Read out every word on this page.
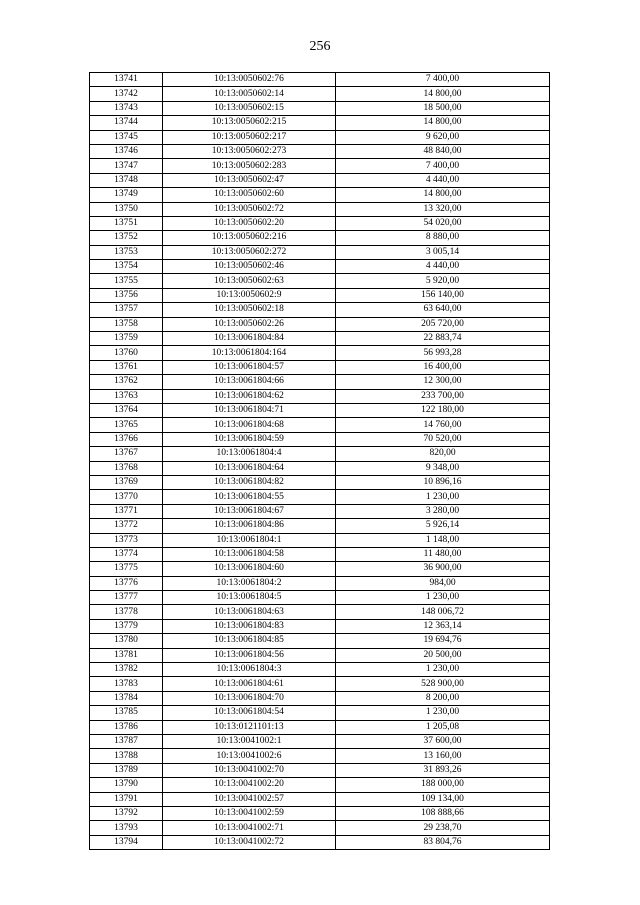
256
13741	10:13:0050602:76	7 400,00
13742	10:13:0050602:14	14 800,00
13743	10:13:0050602:15	18 500,00
13744	10:13:0050602:215	14 800,00
13745	10:13:0050602:217	9 620,00
13746	10:13:0050602:273	48 840,00
13747	10:13:0050602:283	7 400,00
13748	10:13:0050602:47	4 440,00
13749	10:13:0050602:60	14 800,00
13750	10:13:0050602:72	13 320,00
13751	10:13:0050602:20	54 020,00
13752	10:13:0050602:216	8 880,00
13753	10:13:0050602:272	3 005,14
13754	10:13:0050602:46	4 440,00
13755	10:13:0050602:63	5 920,00
13756	10:13:0050602:9	156 140,00
13757	10:13:0050602:18	63 640,00
13758	10:13:0050602:26	205 720,00
13759	10:13:0061804:84	22 883,74
13760	10:13:0061804:164	56 993,28
13761	10:13:0061804:57	16 400,00
13762	10:13:0061804:66	12 300,00
13763	10:13:0061804:62	233 700,00
13764	10:13:0061804:71	122 180,00
13765	10:13:0061804:68	14 760,00
13766	10:13:0061804:59	70 520,00
13767	10:13:0061804:4	820,00
13768	10:13:0061804:64	9 348,00
13769	10:13:0061804:82	10 896,16
13770	10:13:0061804:55	1 230,00
13771	10:13:0061804:67	3 280,00
13772	10:13:0061804:86	5 926,14
13773	10:13:0061804:1	1 148,00
13774	10:13:0061804:58	11 480,00
13775	10:13:0061804:60	36 900,00
13776	10:13:0061804:2	984,00
13777	10:13:0061804:5	1 230,00
13778	10:13:0061804:63	148 006,72
13779	10:13:0061804:83	12 363,14
13780	10:13:0061804:85	19 694,76
13781	10:13:0061804:56	20 500,00
13782	10:13:0061804:3	1 230,00
13783	10:13:0061804:61	528 900,00
13784	10:13:0061804:70	8 200,00
13785	10:13:0061804:54	1 230,00
13786	10:13:0121101:13	1 205,08
13787	10:13:0041002:1	37 600,00
13788	10:13:0041002:6	13 160,00
13789	10:13:0041002:70	31 893,26
13790	10:13:0041002:20	188 000,00
13791	10:13:0041002:57	109 134,00
13792	10:13:0041002:59	108 888,66
13793	10:13:0041002:71	29 238,70
13794	10:13:0041002:72	83 804,76
